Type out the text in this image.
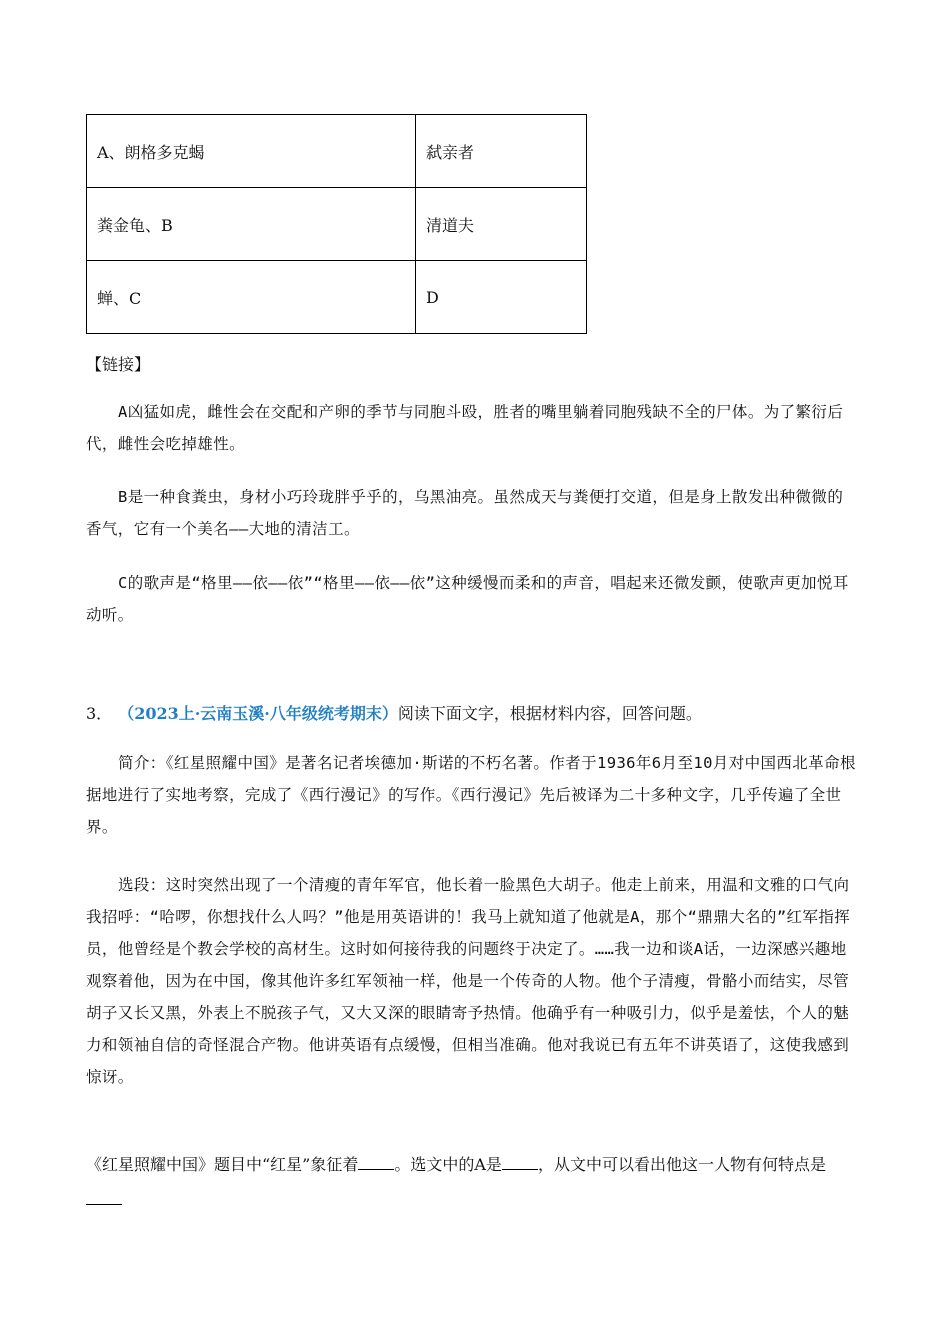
A、朗格多克蝎	弑亲者
粪金龟、B	清道夫
蝉、C	D
【链接】
A凶猛如虎，雌性会在交配和产卵的季节与同胞斗殴，胜者的嘴里躺着同胞残缺不全的尸体。为了繁衍后代，雌性会吃掉雄性。
B是一种食粪虫，身材小巧玲珑胖乎乎的，乌黑油亮。虽然成天与粪便打交道，但是身上散发出种微微的香气，它有一个美名——大地的清洁工。
C的歌声是“格里——依——依”“格里——依——依”这种缓慢而柔和的声音，唱起来还微发颤，使歌声更加悦耳动听。
3． （2023上·云南玉溪·八年级统考期末）阅读下面文字，根据材料内容，回答问题。
简介：《红星照耀中国》是著名记者埃德加·斯诺的不朽名著。作者于1936年6月至10月对中国西北革命根据地进行了实地考察，完成了《西行漫记》的写作。《西行漫记》先后被译为二十多种文字，几乎传遍了全世界。
选段：这时突然出现了一个清瘦的青年军官，他长着一脸黑色大胡子。他走上前来，用温和文雅的口气向我招呼：“哈啰，你想找什么人吗？”他是用英语讲的！我马上就知道了他就是A，那个“鼎鼎大名的”红军指挥员，他曾经是个教会学校的高材生。这时如何接待我的问题终于决定了。……我一边和谈A话，一边深感兴趣地观察着他，因为在中国，像其他许多红军领袖一样，他是一个传奇的人物。他个子清瘦，骨骼小而结实，尽管胡子又长又黑，外表上不脱孩子气，又大又深的眼睛寄予热情。他确乎有一种吸引力，似乎是羞怯，个人的魅力和领袖自信的奇怪混合产物。他讲英语有点缓慢，但相当准确。他对我说已有五年不讲英语了，这使我感到惊讶。
《红星照耀中国》题目中“红星”象征着 。选文中的A是 ，从文中可以看出他这一人物有何特点是
